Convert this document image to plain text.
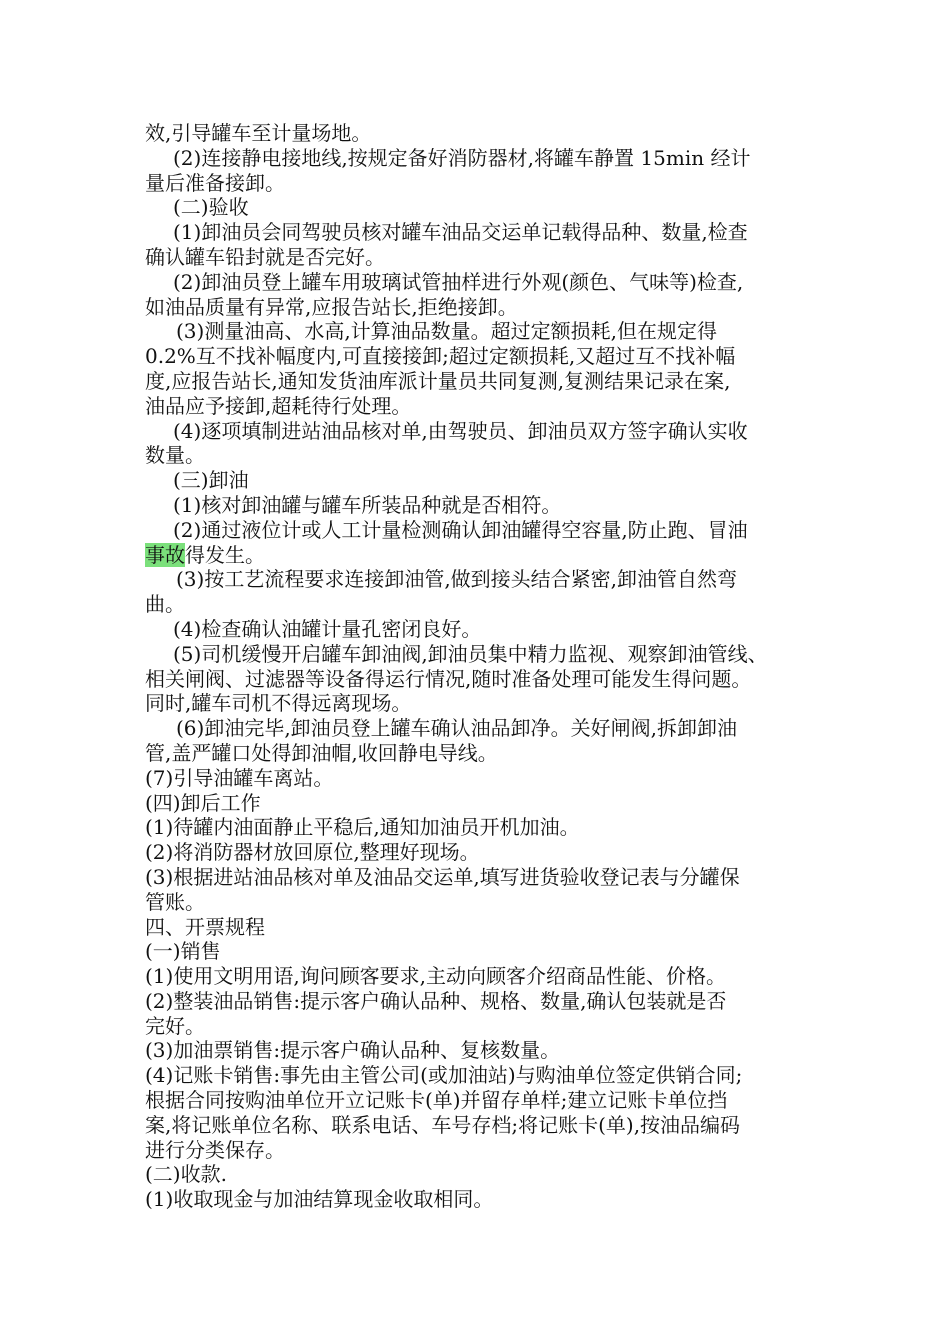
效,引导罐车至计量场地。
(2)连接静电接地线,按规定备好消防器材,将罐车静置 15min 经计
量后准备接卸。
(二)验收
(1)卸油员会同驾驶员核对罐车油品交运单记载得品种、数量,检查
确认罐车铅封就是否完好。
(2)卸油员登上罐车用玻璃试管抽样进行外观(颜色、气味等)检查,
如油品质量有异常,应报告站长,拒绝接卸。
(3)测量油高、水高,计算油品数量。超过定额损耗,但在规定得
0.2%互不找补幅度内,可直接接卸;超过定额损耗,又超过互不找补幅
度,应报告站长,通知发货油库派计量员共同复测,复测结果记录在案,
油品应予接卸,超耗待行处理。
(4)逐项填制进站油品核对单,由驾驶员、卸油员双方签字确认实收
数量。
(三)卸油
(1)核对卸油罐与罐车所装品种就是否相符。
(2)通过液位计或人工计量检测确认卸油罐得空容量,防止跑、冒油
事故得发生。
(3)按工艺流程要求连接卸油管,做到接头结合紧密,卸油管自然弯
曲。
(4)检查确认油罐计量孔密闭良好。
(5)司机缓慢开启罐车卸油阀,卸油员集中精力监视、观察卸油管线、
相关闸阀、过滤器等设备得运行情况,随时准备处理可能发生得问题。
同时,罐车司机不得远离现场。
(6)卸油完毕,卸油员登上罐车确认油品卸净。关好闸阀,拆卸卸油
管,盖严罐口处得卸油帽,收回静电导线。
(7)引导油罐车离站。
(四)卸后工作
(1)待罐内油面静止平稳后,通知加油员开机加油。
(2)将消防器材放回原位,整理好现场。
(3)根据进站油品核对单及油品交运单,填写进货验收登记表与分罐保
管账。
四、开票规程
(一)销售
(1)使用文明用语,询问顾客要求,主动向顾客介绍商品性能、价格。
(2)整装油品销售:提示客户确认品种、规格、数量,确认包装就是否
完好。
(3)加油票销售:提示客户确认品种、复核数量。
(4)记账卡销售:事先由主管公司(或加油站)与购油单位签定供销合同;
根据合同按购油单位开立记账卡(单)并留存单样;建立记账卡单位挡
案,将记账单位名称、联系电话、车号存档;将记账卡(单),按油品编码
进行分类保存。
(二)收款.
(1)收取现金与加油结算现金收取相同。
